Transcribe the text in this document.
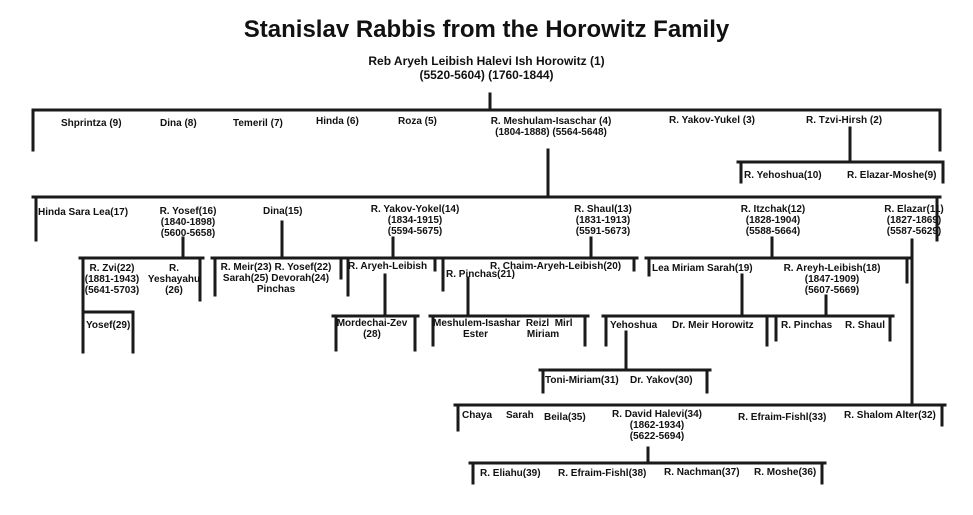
Stanislav Rabbis from the Horowitz Family
Reb Aryeh Leibish Halevi Ish Horowitz (1)
(5520-5604) (1760-1844)
Shprintza (9)	Dina (8)	Temeril (7)	Hinda (6)	Roza (5)	R. Meshulam-Isaschar (4)
(1804-1888) (5564-5648)
R. Yakov-Yukel (3)	R. Tzvi-Hirsh (2)
R. Yehoshua(10)	R. Elazar-Moshe(9)
Hinda Sara Lea(17)	R. Yosef(16)
(1840-1898)
(5600-5658)
Dina(15)	R. Yakov-Yokel(14)
(1834-1915)
(5594-5675)
R. Shaul(13)
(1831-1913)
(5591-5673)
R. Itzchak(12)
(1828-1904)
(5588-5664)
R. Elazar(11)
(1827-1869)
(5587-5629)
R. Zvi(22)
(1881-1943)
(5641-5703)
R.
Yeshayahu
(26)
R. Meir(23) R. Yosef(22)
Sarah(25) Devorah(24)
Pinchas
R. Aryeh-Leibish	R. Chaim-Aryeh-Leibish(20)
R. Pinchas(21)
Lea Miriam Sarah(19)	R. Areyh-Leibish(18)
(1847-1909)
(5607-5669)
Chaya Sarah Beila(35)	R. David Halevi(34)
(1862-1934)
(5622-5694)
R. Efraim-Fishl(33) R. Shalom Alter(32)
Yosef(29)	Mordechai-Zev
(28)
Meshulem-Isashar  Reizl  Mirl
Ester              Miriam
Yehoshua Dr. Meir Horowitz	R. Pinchas R. Shaul
R. Eliahu(39) R. Efraim-Fishl(38) R. Nachman(37) R. Moshe(36)
Toni-Miriam(31) Dr. Yakov(30)
